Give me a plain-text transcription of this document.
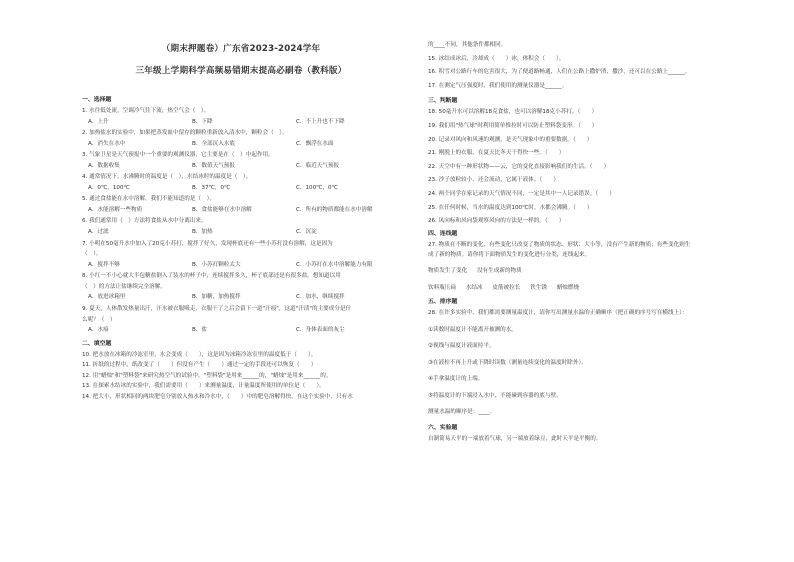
（期末押题卷）广东省2023-2024学年
三年级上学期科学高频易错期末提高必刷卷（教科版）
一、选择题
1. 水往低处流，空调冷气往下流，热空气会（　）。
A．上升	B．下降	C．不上升也不下降
2. 加热盐水的实验中，如果把蒸发皿中留存的颗粒重新放入清水中，颗粒会（　）。
A．消失在水中	B．全部沉入水底	C．飘浮在水面
3. 气象卫星是天气预报中一个重要的观测仪器，它主要是在（　）中起作用。
A．数据收集	B．数值天气预报	C．临近天气预报
4. 通常情况下，水沸腾时的温度是（　），水结冰时的温度是（　）。
A．0℃，100℃	B．37℃，0℃	C．100℃，0℃
5. 通过食盐能在水中溶解，我们不能知道的是（　）。
A．水能溶解一些物质	B．食盐能够在水中溶解	C．所有的物质都能在水中溶解
6. 我们通常用（　）方法将食盐从水中分离出来。
A．过滤	B．加热	C．沉淀
7. 小明在50毫升水中加入了20克小苏打，搅拌了好久，发现杯底还有一些小苏打没有溶解，这是因为
（　）。
A．搅拌不够	B．小苏打颗粒太大	C．小苏打在水中溶解能力有限
8. 小红一不小心就大半包糖盐倒入了装水的杯子中，连续搅拌多久，杯子底部还是有很多盐。想知道以用
（　）的方法让盐继续完全溶解。
A．放进冰箱里	B．加糖，加热搅拌	C．加水，继续搅拌
9. 夏天，人体散发热量出汗，汗水被衣服吸走，衣服干了之后会留下一道"汗痕"，这道"汗渍"的主要成分是什
么呢？（　）
A．水痕	B．盐	C．身体表面的灰尘
二、填空题
10. 把水放在冰箱的冷冻室里，水会变成（　　），这是因为冰箱冷冻室里的温度低于（　　）。
11. 折纸的过程中，纸改变了（　　）但没有产生（　　）通过一定的手段还可以恢复（　　）
12. 用"蜡烛"和"塑料袋"来研究热空气的试验中，"塑料袋"是用来______的，"蜡烛"是用来______的。
13. 在探索水结冰的实验中，我们需要用（　　）来测量温度，计量温度所使用的单位是（　　）。
14. 把大小、形状相同的两块肥皂分别放入热水和冷水中，（　　）中的肥皂溶解得快，在这个实验中，只有水
的____不同，其他条件都相同。
15. 冰结成冰后，冷却成（　　）冰，体积会（　　）。
16. 积雪对公路行车的危害很大，为了便道路畅通，人们在公路上撒炉渣、撒沙，还可以在公路上______。
17. 在测定气压强度时，我们使用的测量仪器是______。
三、判断题
18. 50毫升水可以溶解18克食盐，也可以溶解18克小苏打。（　　）
19. 我们用"热气球"时利用简单推拉时可以防止塑料袋变形。（　　）
20. 记录对风向和风速的观测，是天气现象中的重要数据。（　　）
21. 刚脱上的衣服，在夏天比冬天干得快一些。（　　）
22. 天空中有一种形状物——云，它的变化直接影响我们的生活。（　　）
23. 沙子放粒较小，还会流动，它属于液体。（　　）
24. 两个同学在家记录的天气情况不同，一定是其中一人记录错误。（　　）
25. 在任何时候，当水的温度达到100℃时，水都会沸腾。（　　）
26. 风向标和风向袋观察风向的方法是一样的。（　　）
四、连线题
27. 物质在不断的变化，有些变化只改变了物质的状态、形状、大小等，没有产生新的物质；有些变化则生
成了新的物质。请你将下面物质发生的变化进行分类，连线起来。
物质发生了变化 没有生成新的物质
饮料瓶压扁 水结冰 皮筋被拉长 铁生锈 蜡烛燃烧
五、排序题
28. 在许多实验中，我们都需要测量温度计，请你写出测量水温的正确顺序（把正确的序号写在横线上）：
①读数时温度计不能离开被测的水。
②视线与温度计液面持平。
③在液柱不再上升或下降时读数（测量连续变化的温度时除外）。
④手拿温度计的上端。
⑤将温度计的下端浸入水中，不能碰到容器的底与壁。
测量水温的顺序是：____。
六、实验题
自制简易天平的一端放着气球，另一端放着绿豆，此时天平是平衡的。
